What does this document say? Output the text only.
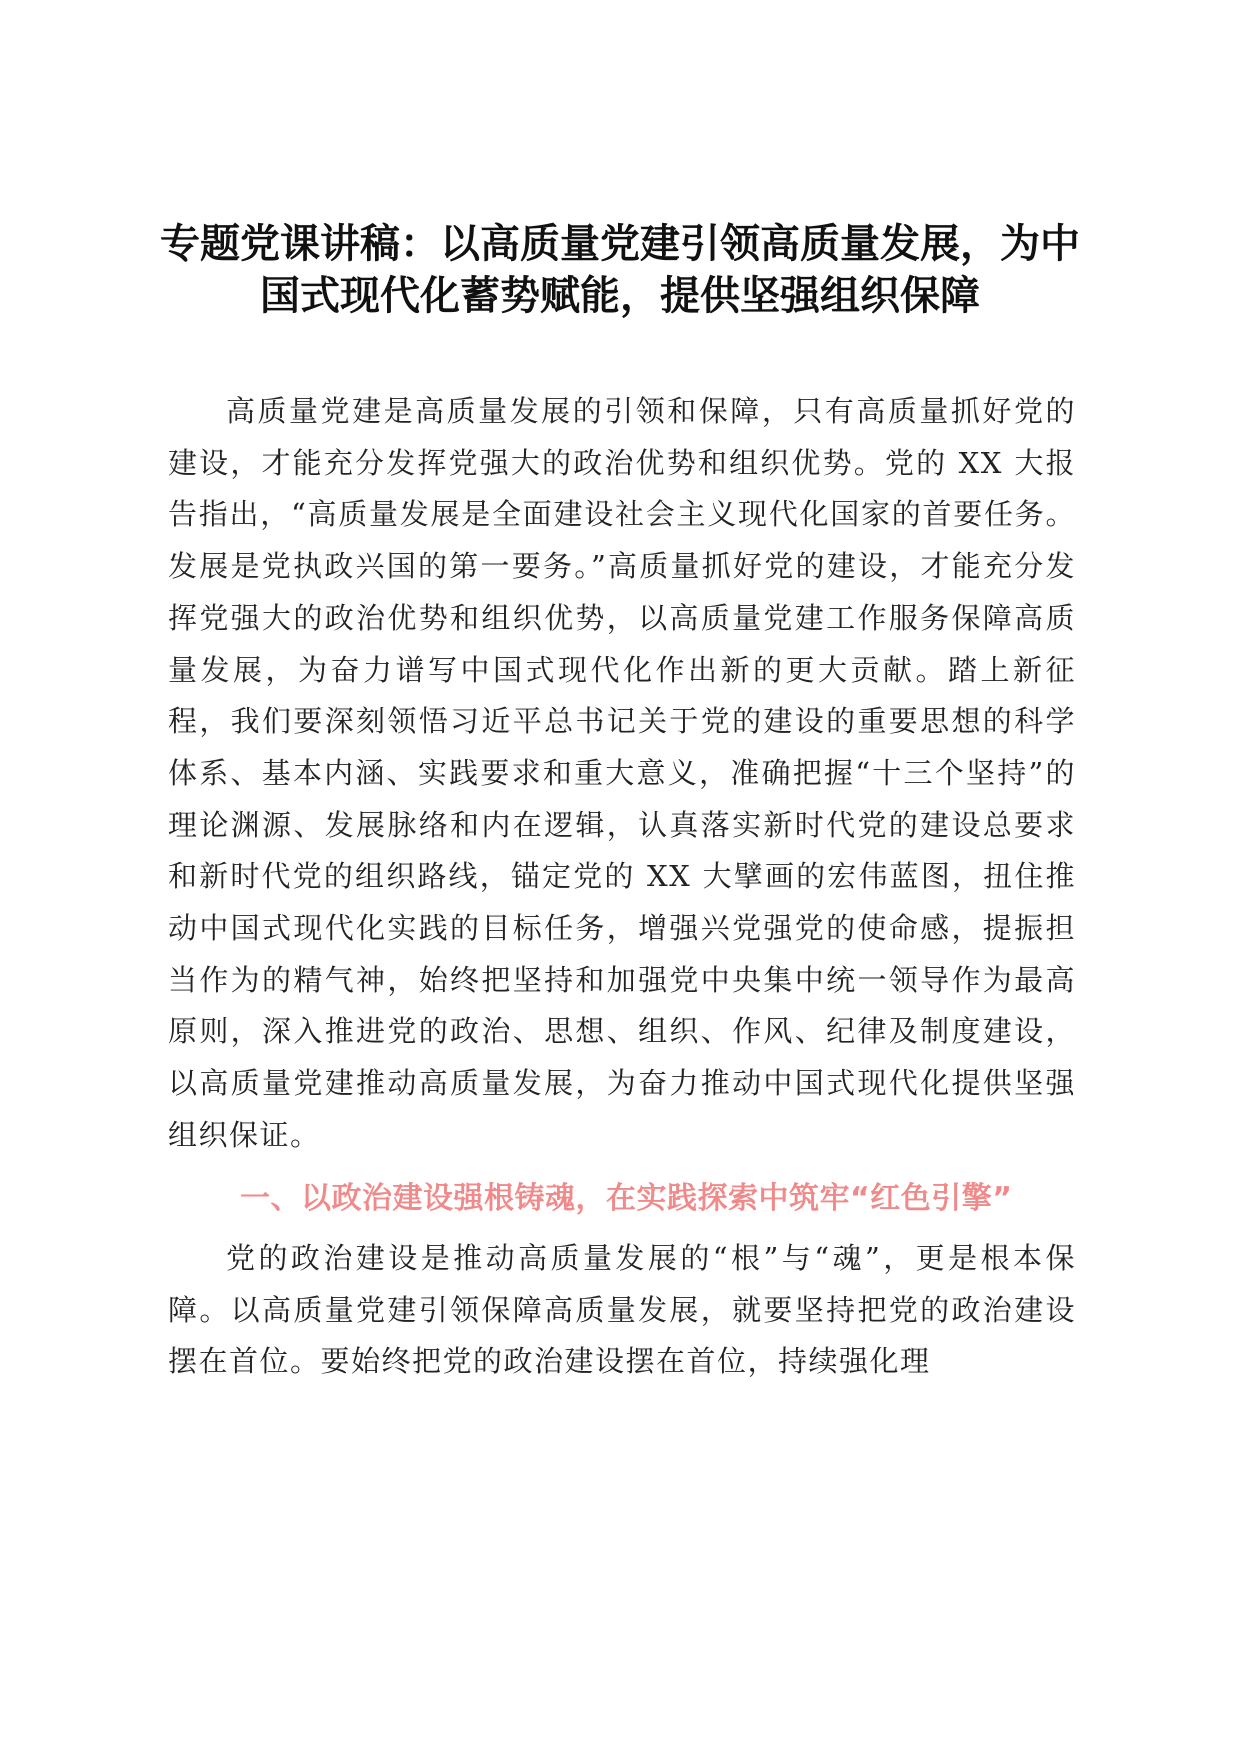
专题党课讲稿：以高质量党建引领高质量发展，为中国式现代化蓄势赋能，提供坚强组织保障

高质量党建是高质量发展的引领和保障，只有高质量抓好党的建设，才能充分发挥党强大的政治优势和组织优势。党的 XX 大报告指出，“高质量发展是全面建设社会主义现代化国家的首要任务。发展是党执政兴国的第一要务。”高质量抓好党的建设，才能充分发挥党强大的政治优势和组织优势，以高质量党建工作服务保障高质量发展，为奋力谱写中国式现代化作出新的更大贡献。踏上新征程，我们要深刻领悟习近平总书记关于党的建设的重要思想的科学体系、基本内涵、实践要求和重大意义，准确把握“十三个坚持”的理论渊源、发展脉络和内在逻辑，认真落实新时代党的建设总要求和新时代党的组织路线，锚定党的 XX 大擘画的宏伟蓝图，扭住推动中国式现代化实践的目标任务，增强兴党强党的使命感，提振担当作为的精气神，始终把坚持和加强党中央集中统一领导作为最高原则，深入推进党的政治、思想、组织、作风、纪律及制度建设，以高质量党建推动高质量发展，为奋力推动中国式现代化提供坚强组织保证。

一、以政治建设强根铸魂，在实践探索中筑牢“红色引擎”

党的政治建设是推动高质量发展的“根”与“魂”，更是根本保障。以高质量党建引领保障高质量发展，就要坚持把党的政治建设摆在首位。要始终把党的政治建设摆在首位，持续强化理
